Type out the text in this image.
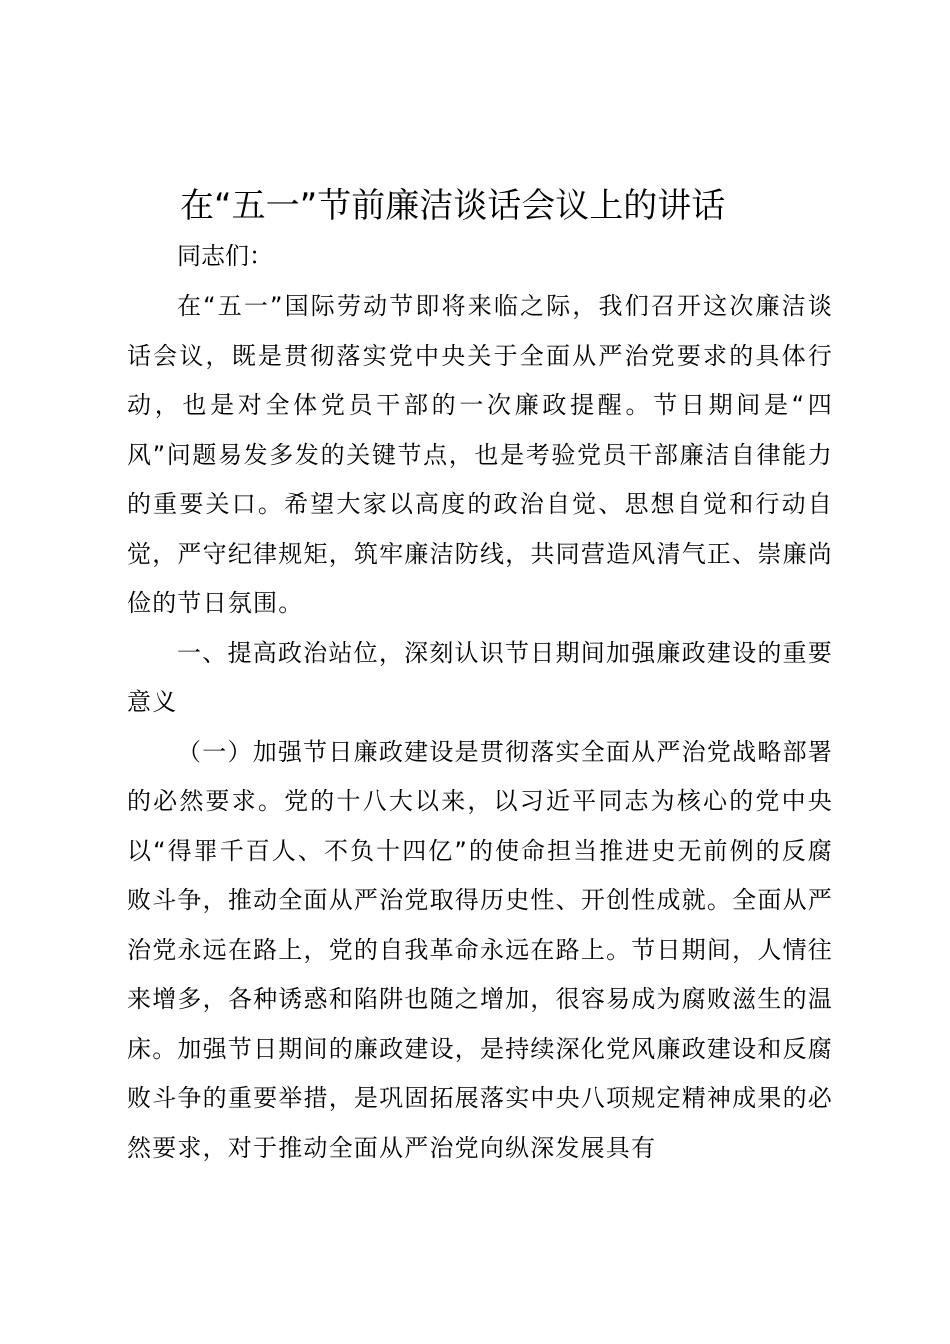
在“五一”节前廉洁谈话会议上的讲话
同志们：

在“五一”国际劳动节即将来临之际，我们召开这次廉洁谈话会议，既是贯彻落实党中央关于全面从严治党要求的具体行动，也是对全体党员干部的一次廉政提醒。节日期间是“四风”问题易发多发的关键节点，也是考验党员干部廉洁自律能力的重要关口。希望大家以高度的政治自觉、思想自觉和行动自觉，严守纪律规矩，筑牢廉洁防线，共同营造风清气正、崇廉尚俭的节日氛围。

一、提高政治站位，深刻认识节日期间加强廉政建设的重要意义

（一）加强节日廉政建设是贯彻落实全面从严治党战略部署的必然要求。党的十八大以来，以习近平同志为核心的党中央以“得罪千百人、不负十四亿”的使命担当推进史无前例的反腐败斗争，推动全面从严治党取得历史性、开创性成就。全面从严治党永远在路上，党的自我革命永远在路上。节日期间，人情往来增多，各种诱惑和陷阱也随之增加，很容易成为腐败滋生的温床。加强节日期间的廉政建设，是持续深化党风廉政建设和反腐败斗争的重要举措，是巩固拓展落实中央八项规定精神成果的必然要求，对于推动全面从严治党向纵深发展具有
